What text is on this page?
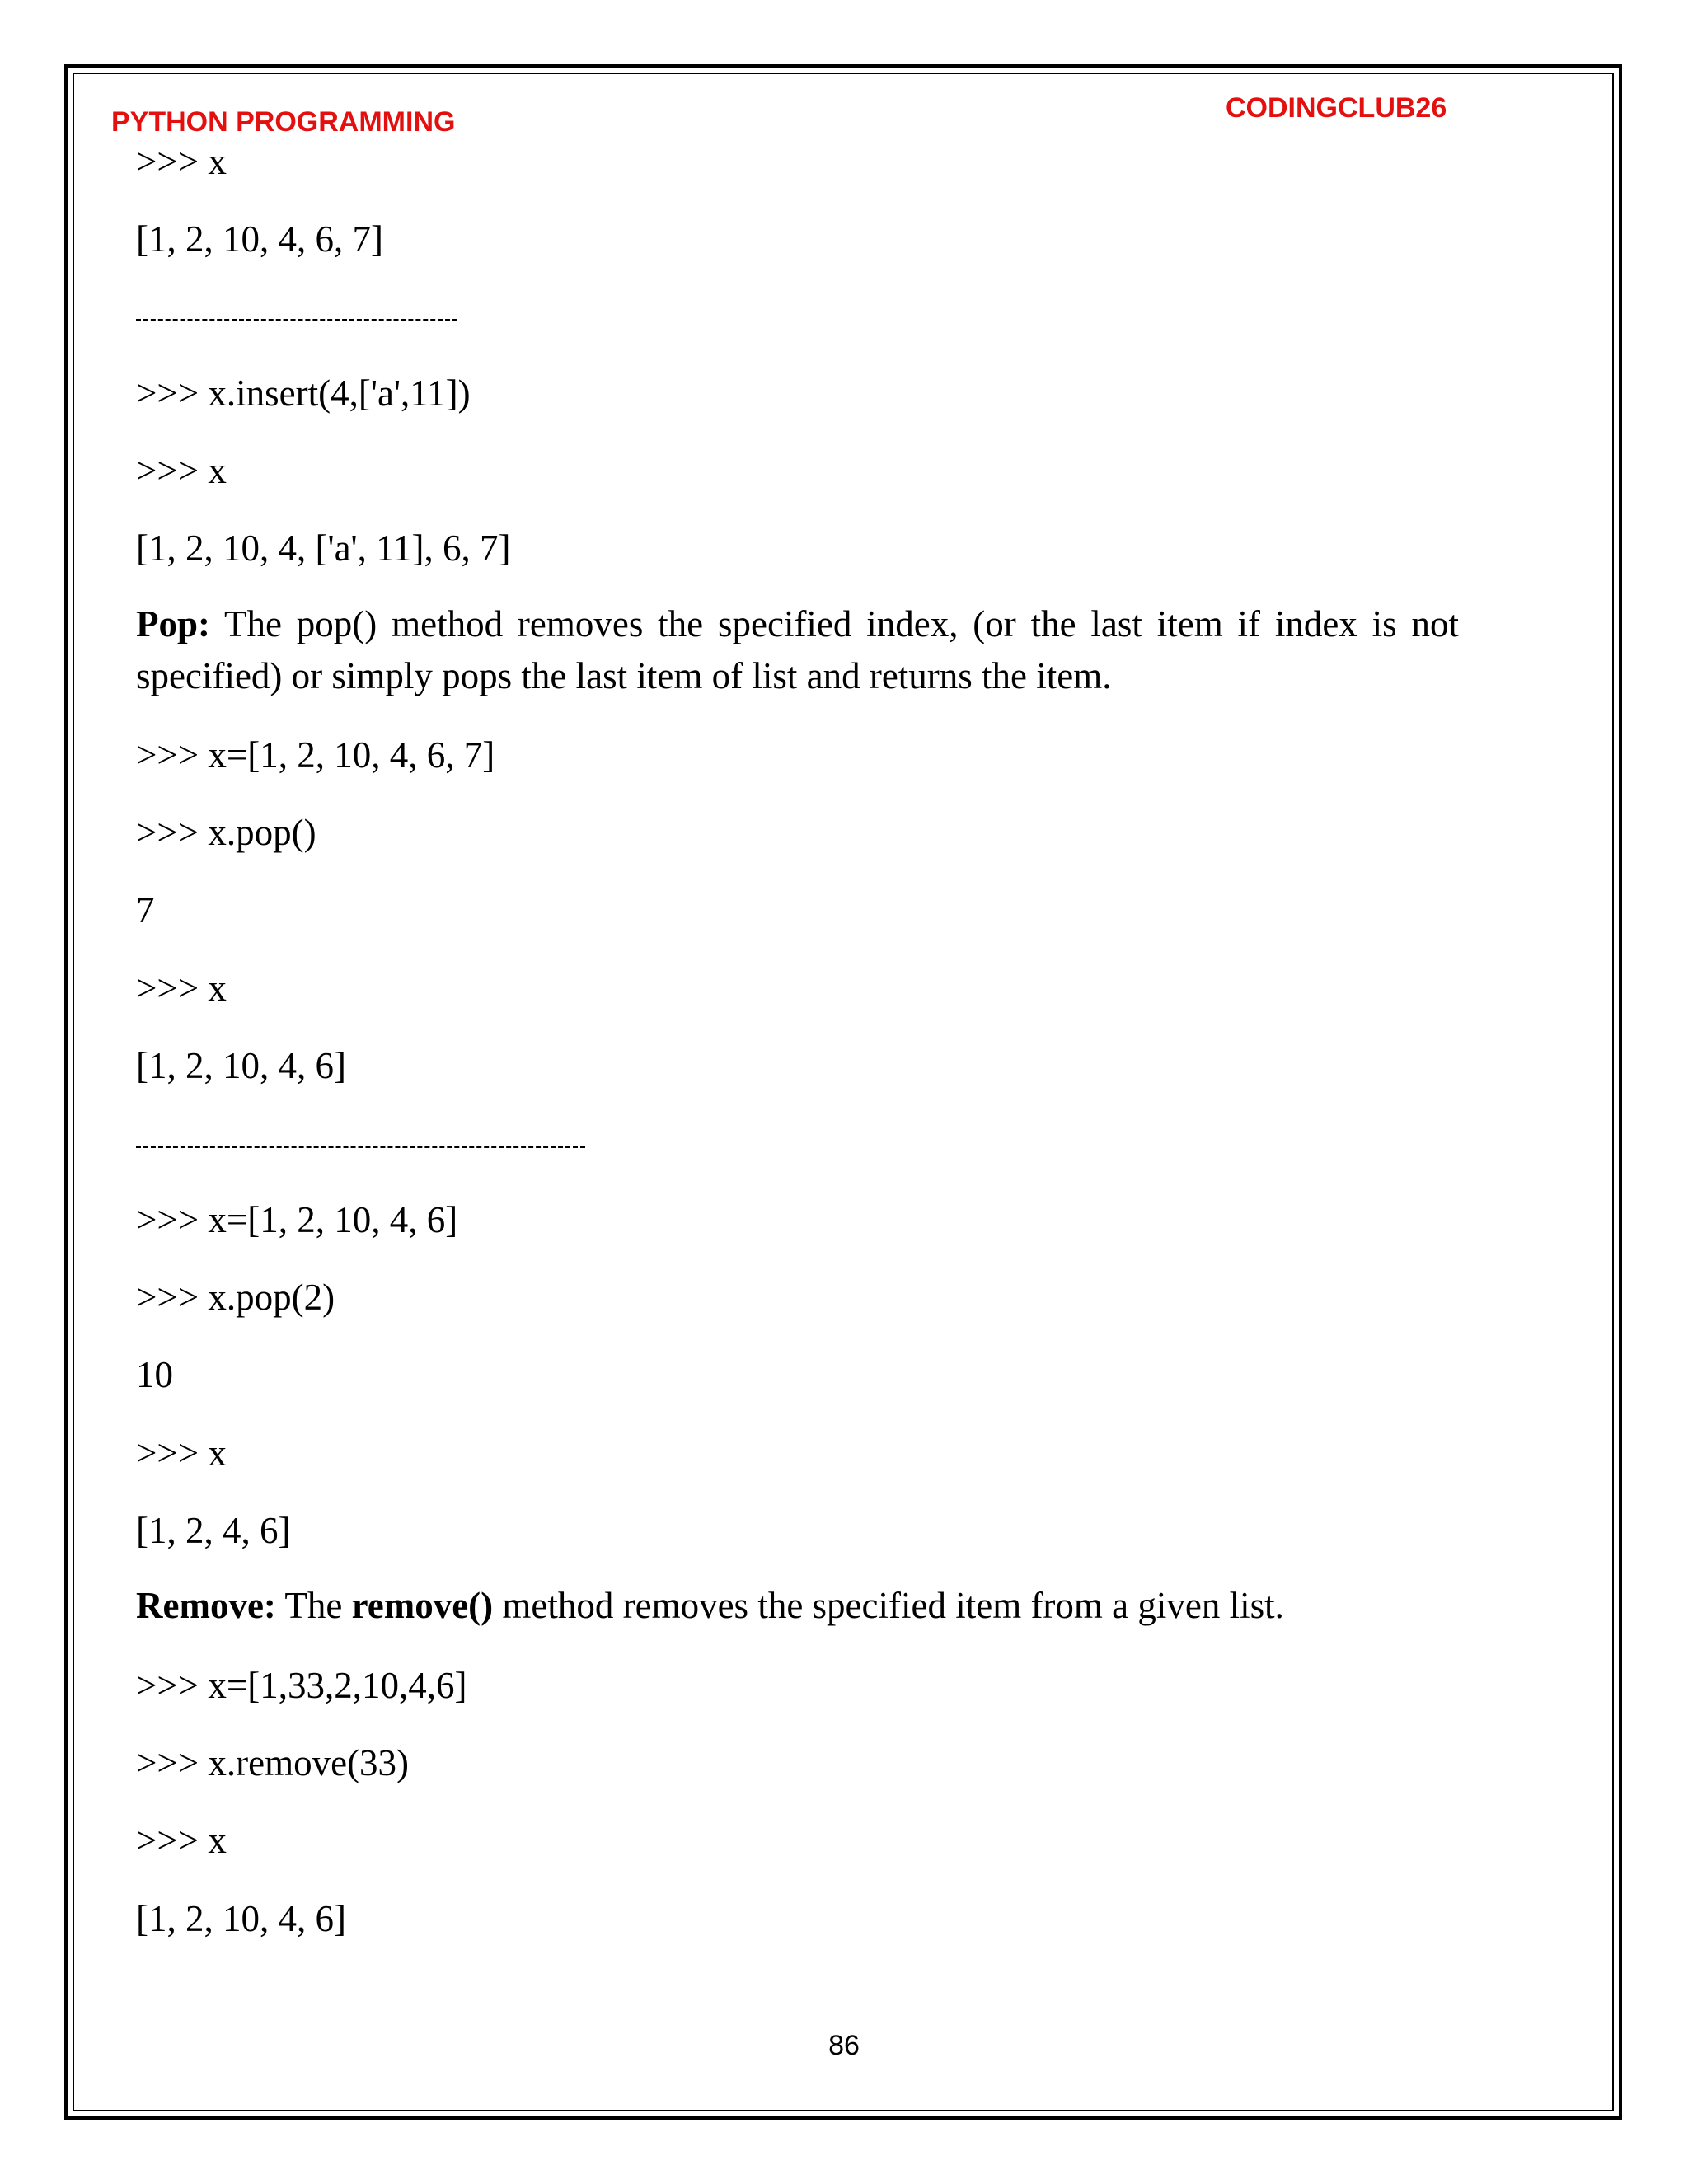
PYTHON PROGRAMMING	CODINGCLUB26
>>> x
[1, 2, 10, 4, 6, 7]
>>> x.insert(4,['a',11])
>>> x
[1, 2, 10, 4, ['a', 11], 6, 7]
Pop: The pop() method removes the specified index, (or the last item if index is not specified) or simply pops the last item of list and returns the item.
>>> x=[1, 2, 10, 4, 6, 7]
>>> x.pop()
7
>>> x
[1, 2, 10, 4, 6]
>>> x=[1, 2, 10, 4, 6]
>>> x.pop(2)
10
>>> x
[1, 2, 4, 6]
Remove: The remove() method removes the specified item from a given list.
>>> x=[1,33,2,10,4,6]
>>> x.remove(33)
>>> x
[1, 2, 10, 4, 6]
86
